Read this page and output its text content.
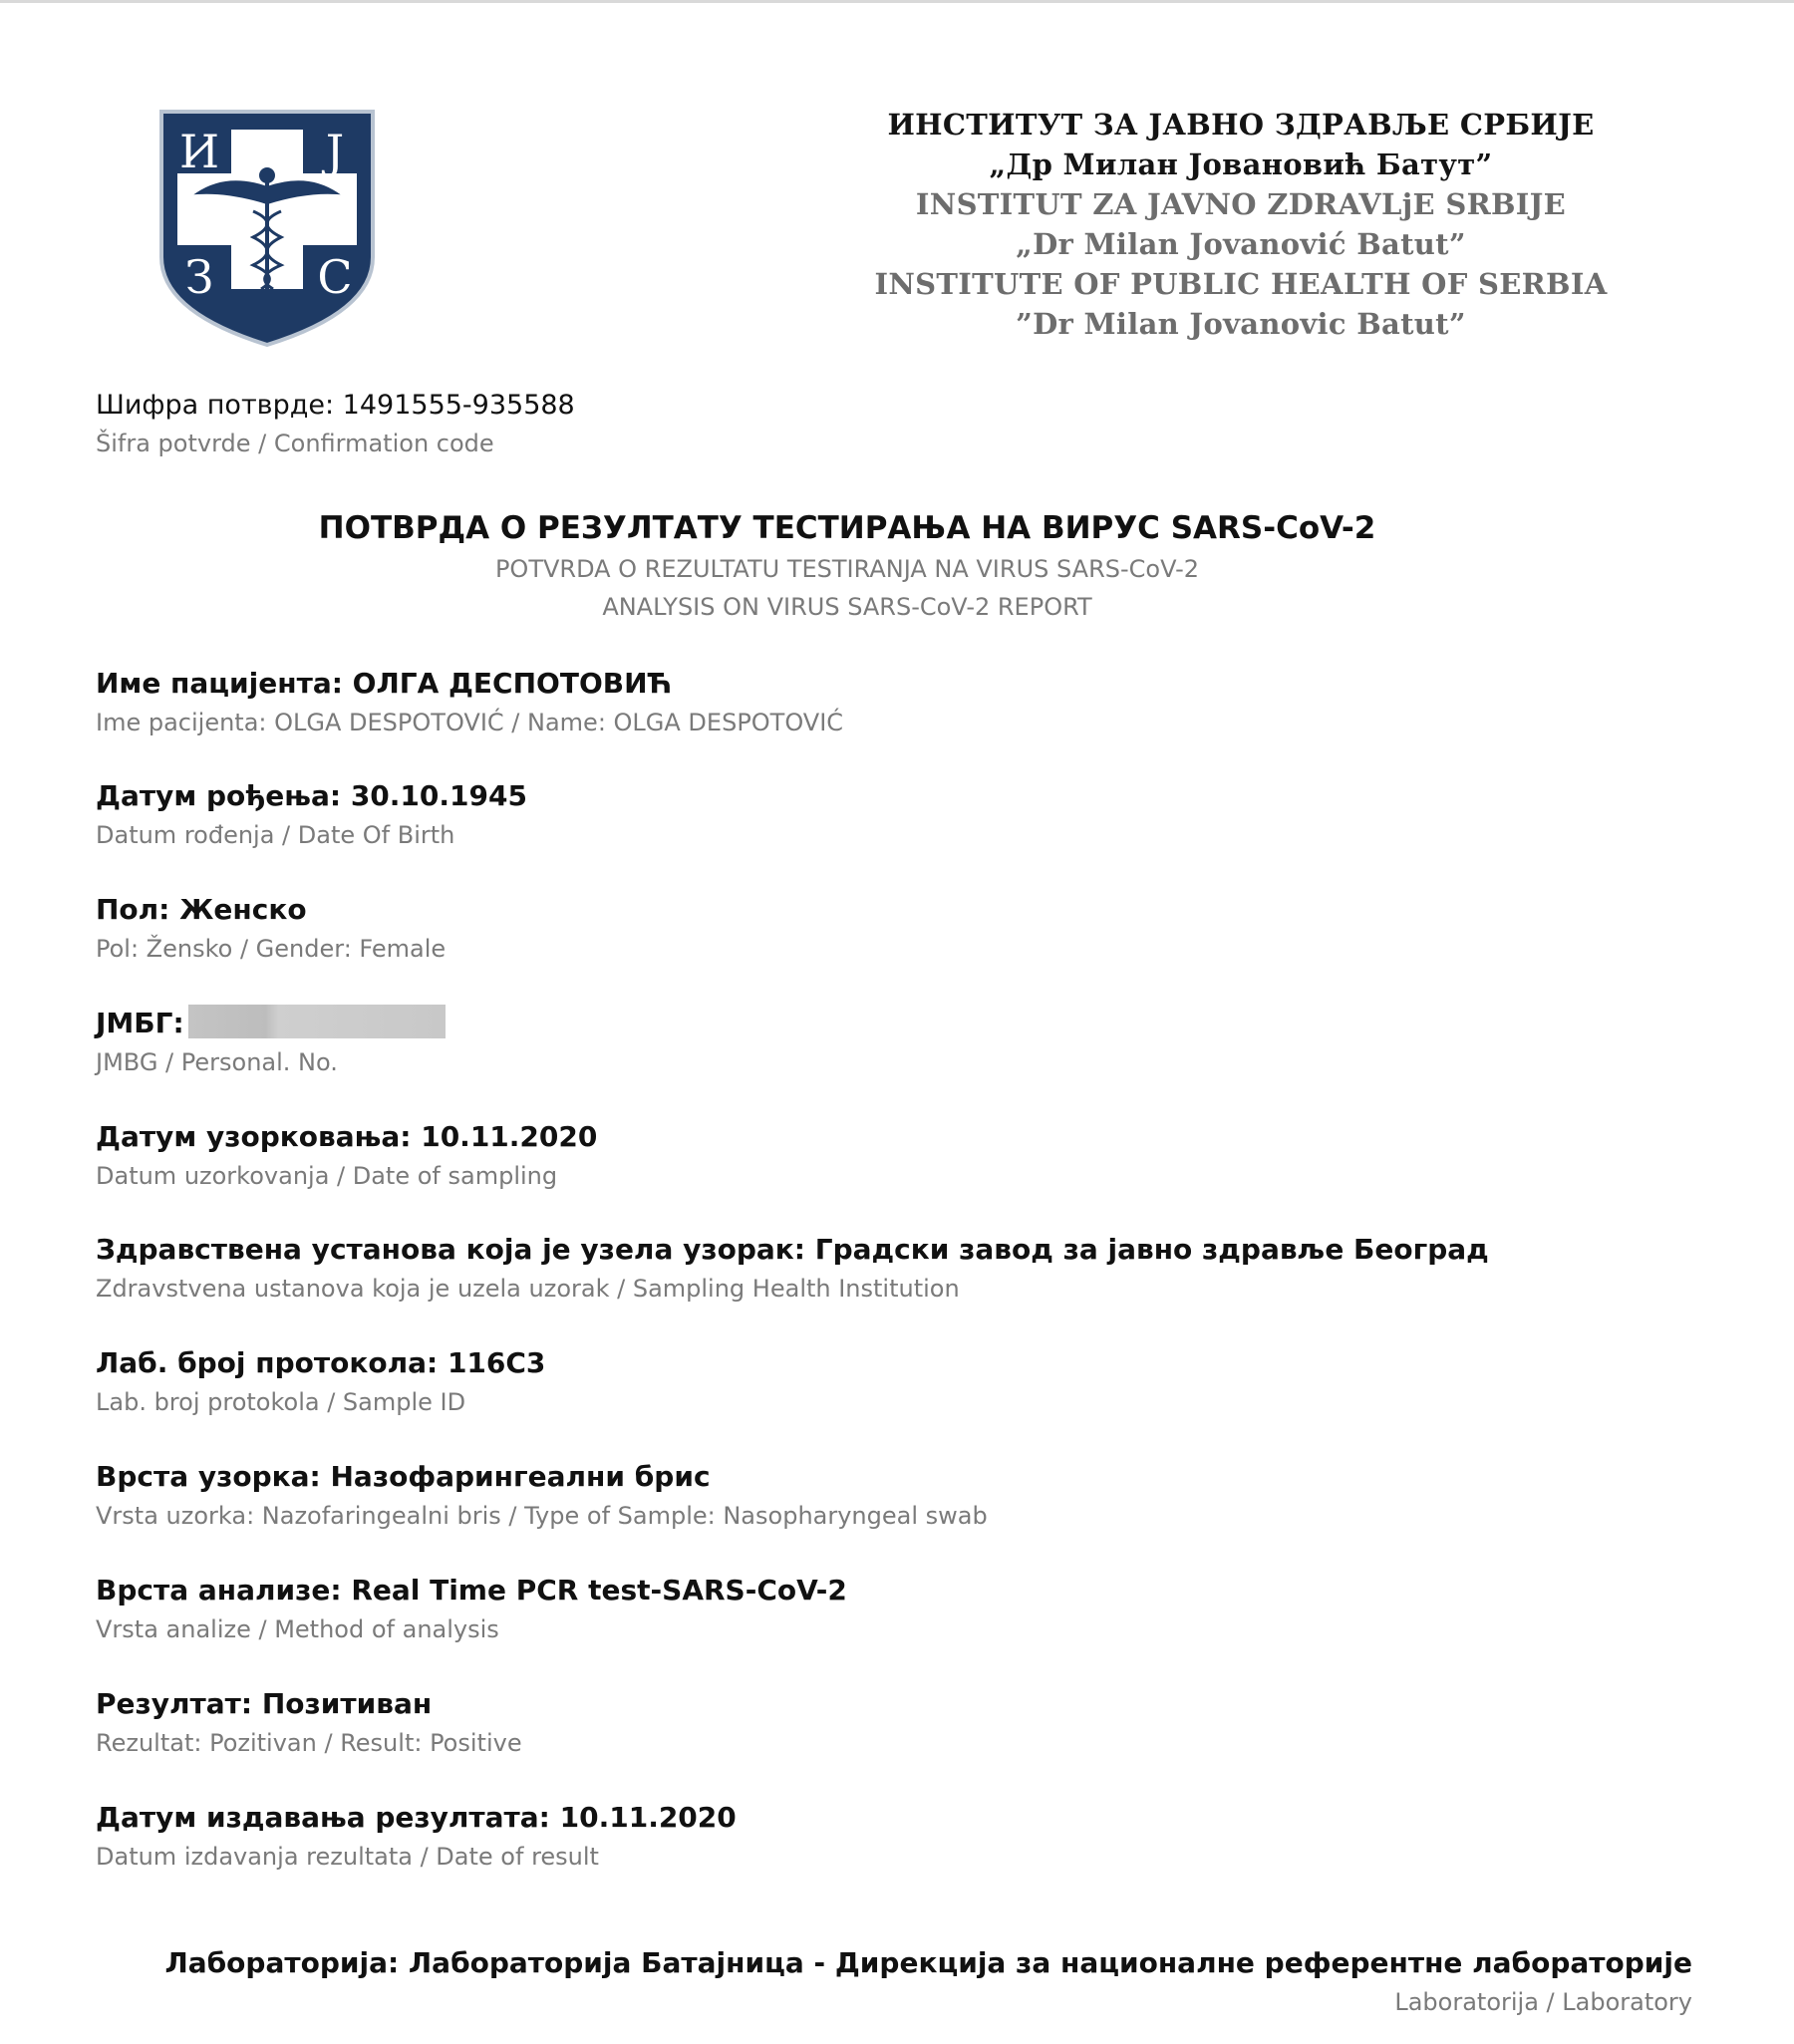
И Ј
З С
ИНСТИТУТ ЗА ЈАВНО ЗДРАВЉЕ СРБИЈЕ
„Др Милан Јовановић Батут”
INSTITUT ZA JAVNO ZDRAVLjE SRBIJE
„Dr Milan Jovanović Batut”
INSTITUTE OF PUBLIC HEALTH OF SERBIA
”Dr Milan Jovanovic Batut”
Шифра потврде: 1491555-935588
Šifra potvrde / Confirmation code
ПОТВРДА О РЕЗУЛТАТУ ТЕСТИРАЊА НА ВИРУС SARS-CoV-2
POTVRDA O REZULTATU TESTIRANJA NA VIRUS SARS-CoV-2
ANALYSIS ON VIRUS SARS-CoV-2 REPORT
Име пацијента: ОЛГА ДЕСПОТОВИЋ
Ime pacijenta: OLGA DESPOTOVIĆ / Name: OLGA DESPOTOVIĆ
Датум рођења: 30.10.1945
Datum rođenja / Date Of Birth
Пол: Женско
Pol: Žensko / Gender: Female
ЈМБГ:
JMBG / Personal. No.
Датум узорковања: 10.11.2020
Datum uzorkovanja / Date of sampling
Здравствена установа која је узела узорак: Градски завод за јавно здравље Београд
Zdravstvena ustanova koja je uzela uzorak / Sampling Health Institution
Лаб. број протокола: 116С3
Lab. broj protokola / Sample ID
Врста узорка: Назофарингеални брис
Vrsta uzorka: Nazofaringealni bris / Type of Sample: Nasopharyngeal swab
Врста анализе: Real Time PCR test-SARS-CoV-2
Vrsta analize / Method of analysis
Резултат: Позитиван
Rezultat: Pozitivan / Result: Positive
Датум издавања резултата: 10.11.2020
Datum izdavanja rezultata / Date of result
Лабораторија: Лабораторија Батајница - Дирекција за националне референтне лабораторије
Laboratorija / Laboratory
